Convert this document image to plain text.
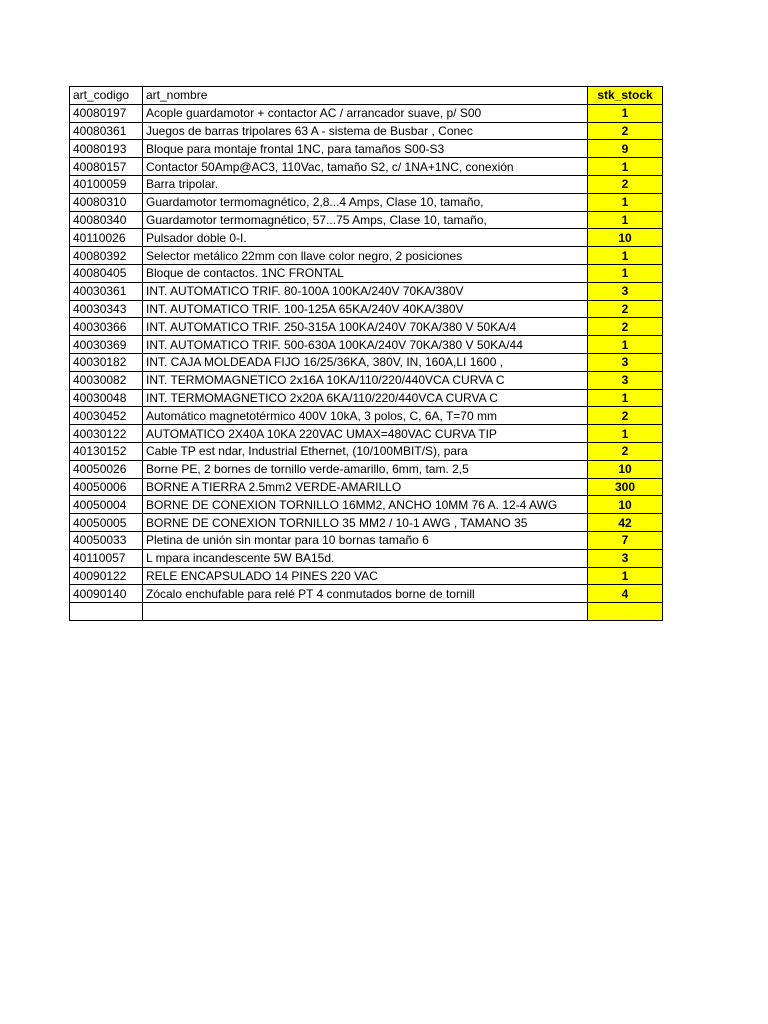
art_codigo	art_nombre	stk_stock
40080197	Acople guardamotor + contactor AC / arrancador suave, p/ S00	1
40080361	Juegos de barras tripolares 63 A - sistema de Busbar , Conec	2
40080193	Bloque para montaje frontal 1NC, para tamaños S00-S3	9
40080157	Contactor 50Amp@AC3, 110Vac, tamaño S2, c/ 1NA+1NC, conexión	1
40100059	Barra tripolar.	2
40080310	Guardamotor termomagnético, 2,8...4 Amps, Clase 10, tamaño,	1
40080340	Guardamotor termomagnético, 57...75 Amps, Clase 10, tamaño,	1
40110026	Pulsador doble 0-I.	10
40080392	Selector metálico 22mm con llave color negro, 2 posiciones	1
40080405	Bloque de contactos. 1NC FRONTAL	1
40030361	INT. AUTOMATICO TRIF. 80-100A 100KA/240V 70KA/380V	3
40030343	INT. AUTOMATICO TRIF. 100-125A 65KA/240V 40KA/380V	2
40030366	INT. AUTOMATICO TRIF. 250-315A 100KA/240V 70KA/380 V 50KA/4	2
40030369	INT. AUTOMATICO TRIF. 500-630A 100KA/240V 70KA/380 V 50KA/44	1
40030182	INT. CAJA MOLDEADA FIJO 16/25/36KA, 380V, IN, 160A,LI 1600 ,	3
40030082	INT. TERMOMAGNETICO 2x16A 10KA/110/220/440VCA CURVA C	3
40030048	INT. TERMOMAGNETICO 2x20A 6KA/110/220/440VCA CURVA C	1
40030452	Automático magnetotérmico 400V 10kA, 3 polos, C, 6A, T=70 mm	2
40030122	AUTOMATICO 2X40A 10KA 220VAC UMAX=480VAC CURVA TIP	1
40130152	Cable TP est ndar, Industrial Ethernet, (10/100MBIT/S), para	2
40050026	Borne PE, 2 bornes de tornillo verde-amarillo, 6mm, tam. 2,5	10
40050006	BORNE A TIERRA 2.5mm2 VERDE-AMARILLO	300
40050004	BORNE DE CONEXION TORNILLO 16MM2, ANCHO 10MM 76 A. 12-4 AWG	10
40050005	BORNE DE CONEXION TORNILLO 35 MM2 / 10-1 AWG , TAMANO 35	42
40050033	Pletina de unión sin montar para 10 bornas tamaño 6	7
40110057	L mpara incandescente 5W BA15d.	3
40090122	RELE ENCAPSULADO 14 PINES 220 VAC	1
40090140	Zócalo enchufable para relé PT 4 conmutados borne de tornill	4
